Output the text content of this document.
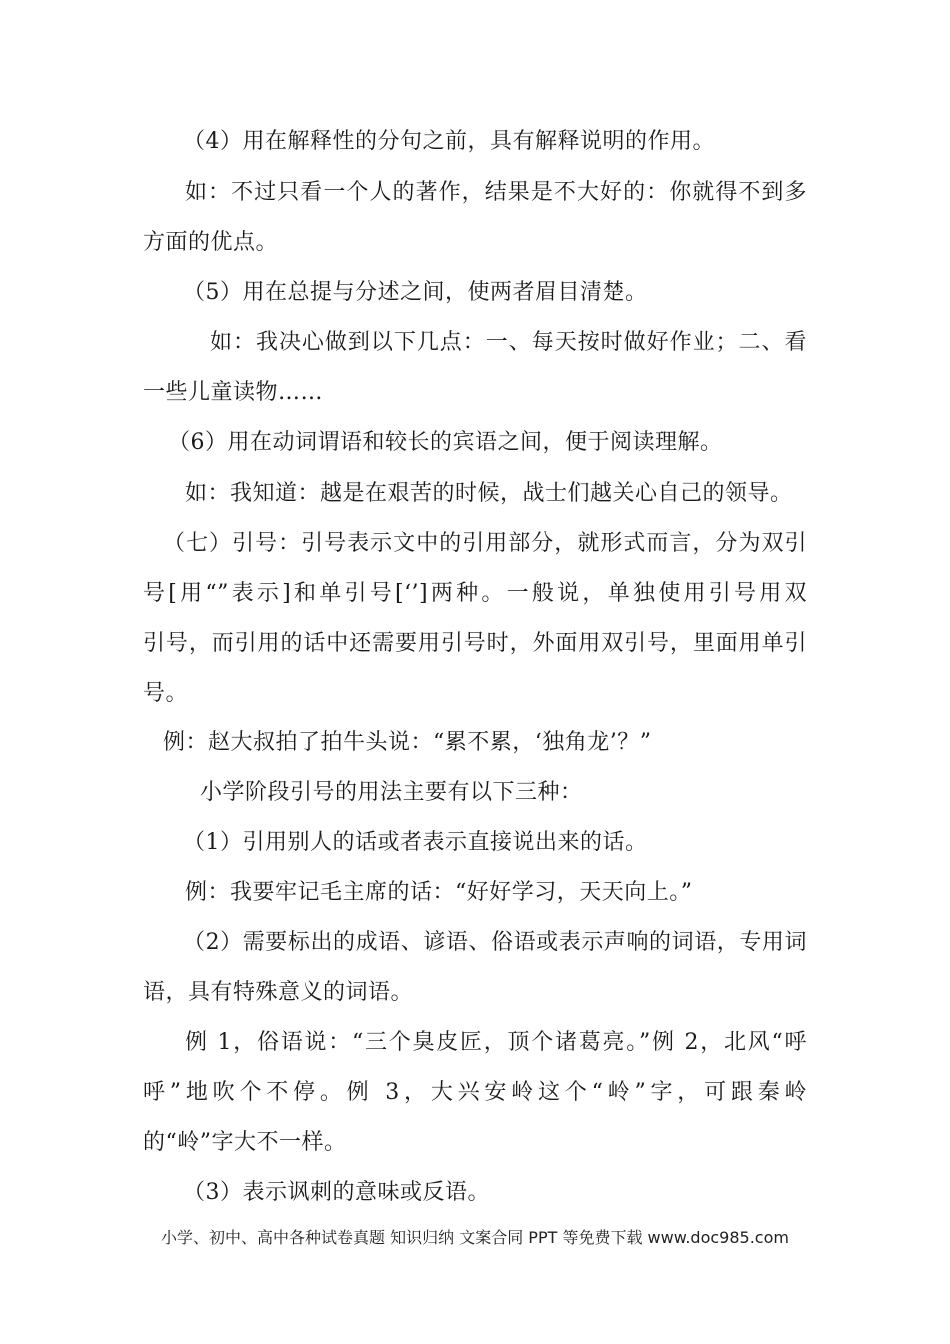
（4）用在解释性的分句之前，具有解释说明的作用。
如：不过只看一个人的著作，结果是不大好的：你就得不到多
方面的优点。
（5）用在总提与分述之间，使两者眉目清楚。
如：我决心做到以下几点：一、每天按时做好作业；二、看
一些儿童读物……
（6）用在动词谓语和较长的宾语之间，便于阅读理解。
如：我知道：越是在艰苦的时候，战士们越关心自己的领导。
（七）引号：引号表示文中的引用部分，就形式而言，分为双引
号[用“”表示]和单引号[‘’]两种。一般说，单独使用引号用双
引号，而引用的话中还需要用引号时，外面用双引号，里面用单引
号。
例：赵大叔拍了拍牛头说：“累不累，‘独角龙’？”
小学阶段引号的用法主要有以下三种：
（1）引用别人的话或者表示直接说出来的话。
例：我要牢记毛主席的话：“好好学习，天天向上。”
（2）需要标出的成语、谚语、俗语或表示声响的词语，专用词
语，具有特殊意义的词语。
例 1，俗语说：“三个臭皮匠，顶个诸葛亮。”例 2，北风“呼
呼”地吹个不停。例 3，大兴安岭这个“岭”字，可跟秦岭
的“岭”字大不一样。
（3）表示讽刺的意味或反语。
小学、初中、高中各种试卷真题 知识归纳 文案合同 PPT 等免费下载 www.doc985.com
